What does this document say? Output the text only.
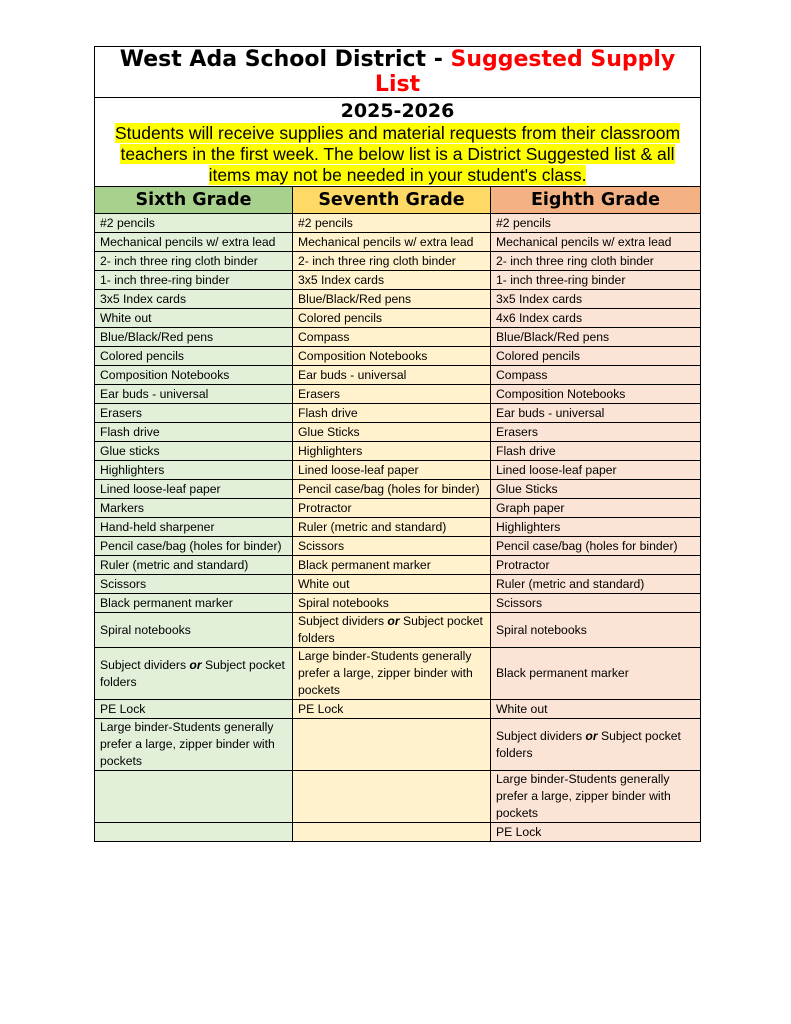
West Ada School District - Suggested Supply List		

2025-2026
Students will receive supplies and material requests from their classroom teachers in the first week. The below list is a District Suggested list & all items may not be needed in your student's class.		

Sixth Grade	Seventh Grade	Eighth Grade
#2 pencils	#2 pencils	#2 pencils
Mechanical pencils w/ extra lead	Mechanical pencils w/ extra lead	Mechanical pencils w/ extra lead
2- inch three ring cloth binder	2- inch three ring cloth binder	2- inch three ring cloth binder
1- inch three-ring binder	3x5 Index cards	1- inch three-ring binder
3x5 Index cards	Blue/Black/Red pens	3x5 Index cards
White out	Colored pencils	4x6 Index cards
Blue/Black/Red pens	Compass	Blue/Black/Red pens
Colored pencils	Composition Notebooks	Colored pencils
Composition Notebooks	Ear buds - universal	Compass
Ear buds - universal	Erasers	Composition Notebooks
Erasers	Flash drive	Ear buds - universal
Flash drive	Glue Sticks	Erasers
Glue sticks	Highlighters	Flash drive
Highlighters	Lined loose-leaf paper	Lined loose-leaf paper
Lined loose-leaf paper	Pencil case/bag (holes for binder)	Glue Sticks
Markers	Protractor	Graph paper
Hand-held sharpener	Ruler (metric and standard)	Highlighters
Pencil case/bag (holes for binder)	Scissors	Pencil case/bag (holes for binder)
Ruler (metric and standard)	Black permanent marker	Protractor
Scissors	White out	Ruler (metric and standard)
Black permanent marker	Spiral notebooks	Scissors
Spiral notebooks	Subject dividers or Subject pocket folders	Spiral notebooks
Subject dividers or Subject pocket folders	Large binder-Students generally prefer a large, zipper binder with pockets	Black permanent marker
PE Lock	PE Lock	White out
Large binder-Students generally prefer a large, zipper binder with pockets		Subject dividers or Subject pocket folders
		Large binder-Students generally prefer a large, zipper binder with pockets
		PE Lock
